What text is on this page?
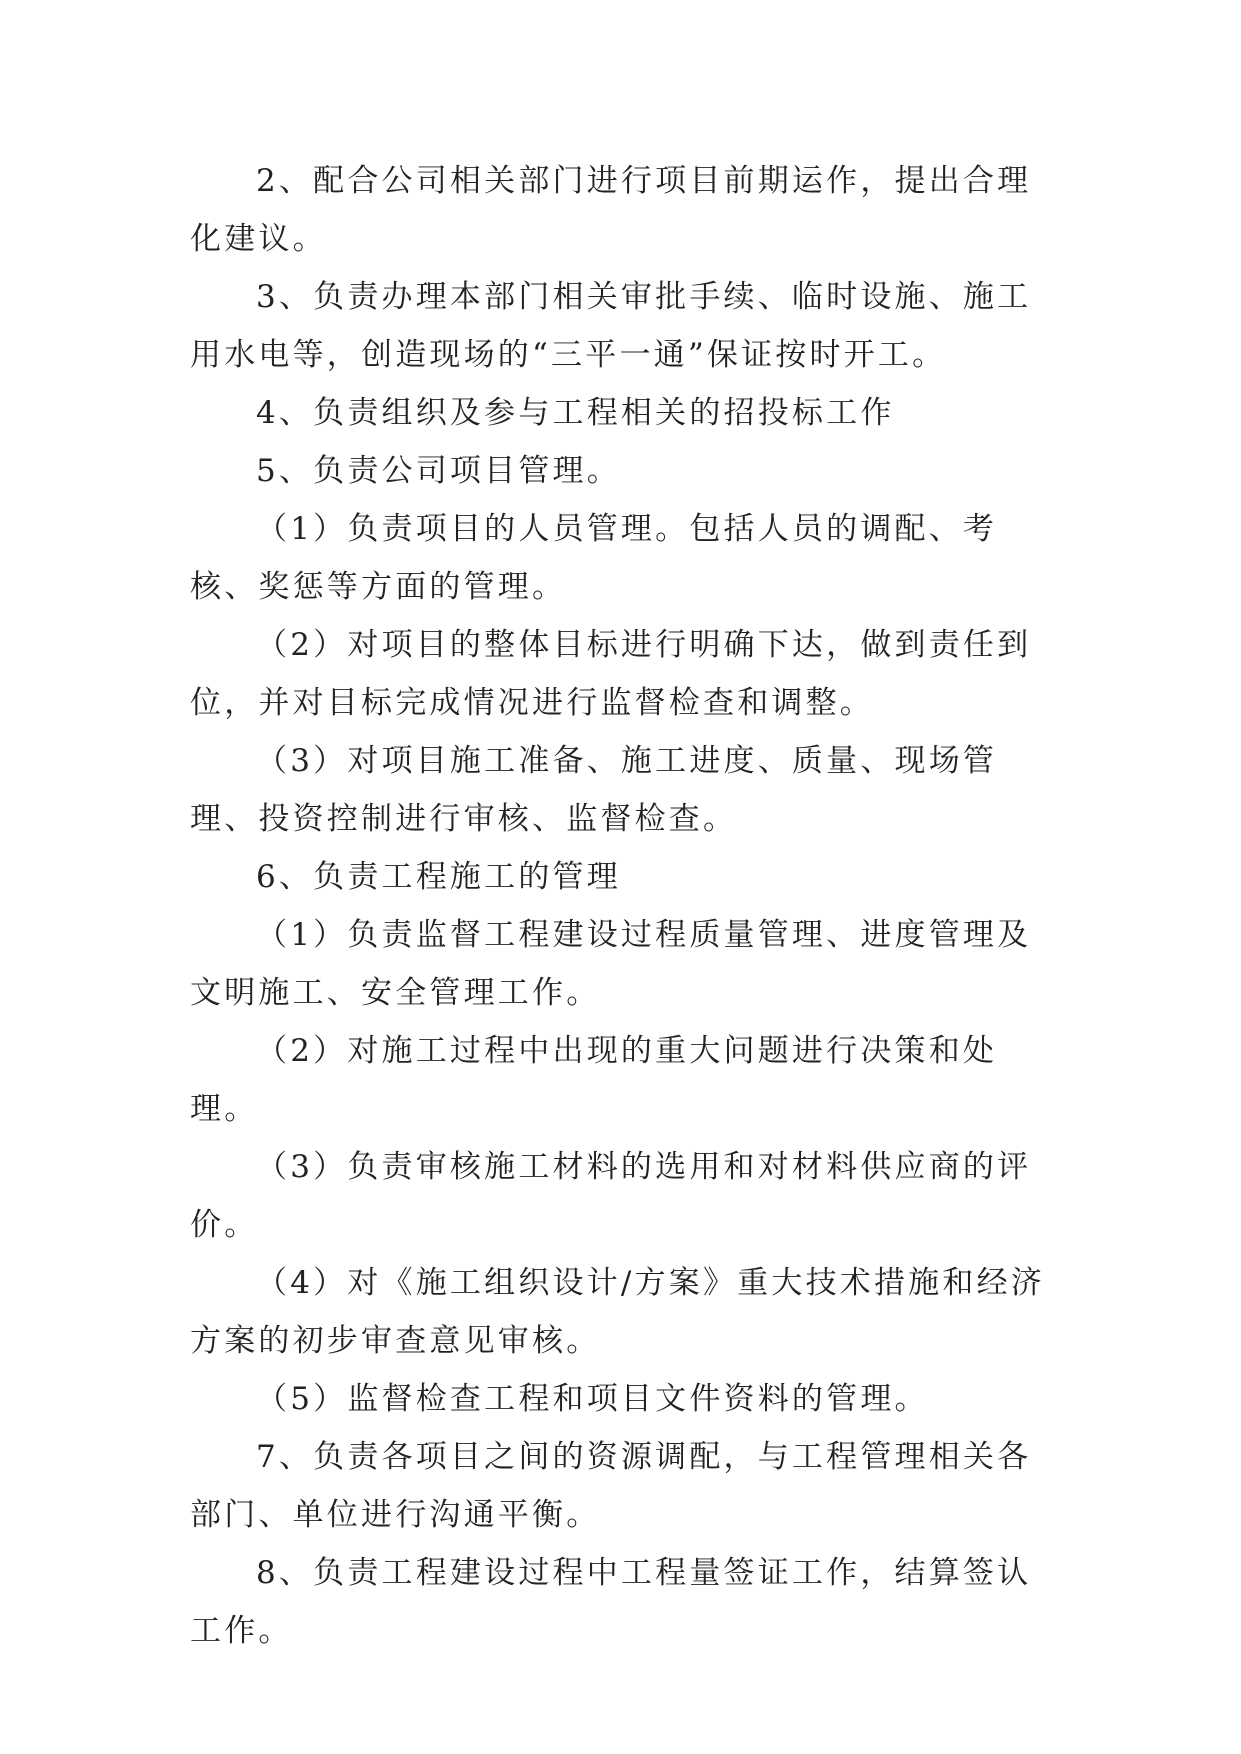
2、配合公司相关部门进行项目前期运作，提出合理化建议。

3、负责办理本部门相关审批手续、临时设施、施工用水电等，创造现场的“三平一通”保证按时开工。

4、负责组织及参与工程相关的招投标工作

5、负责公司项目管理。

（1）负责项目的人员管理。包括人员的调配、考核、奖惩等方面的管理。

（2）对项目的整体目标进行明确下达，做到责任到位，并对目标完成情况进行监督检查和调整。

（3）对项目施工准备、施工进度、质量、现场管理、投资控制进行审核、监督检查。

6、负责工程施工的管理

（1）负责监督工程建设过程质量管理、进度管理及文明施工、安全管理工作。

（2）对施工过程中出现的重大问题进行决策和处理。

（3）负责审核施工材料的选用和对材料供应商的评价。

（4）对《施工组织设计/方案》重大技术措施和经济方案的初步审查意见审核。

（5）监督检查工程和项目文件资料的管理。

7、负责各项目之间的资源调配，与工程管理相关各部门、单位进行沟通平衡。

8、负责工程建设过程中工程量签证工作，结算签认工作。
